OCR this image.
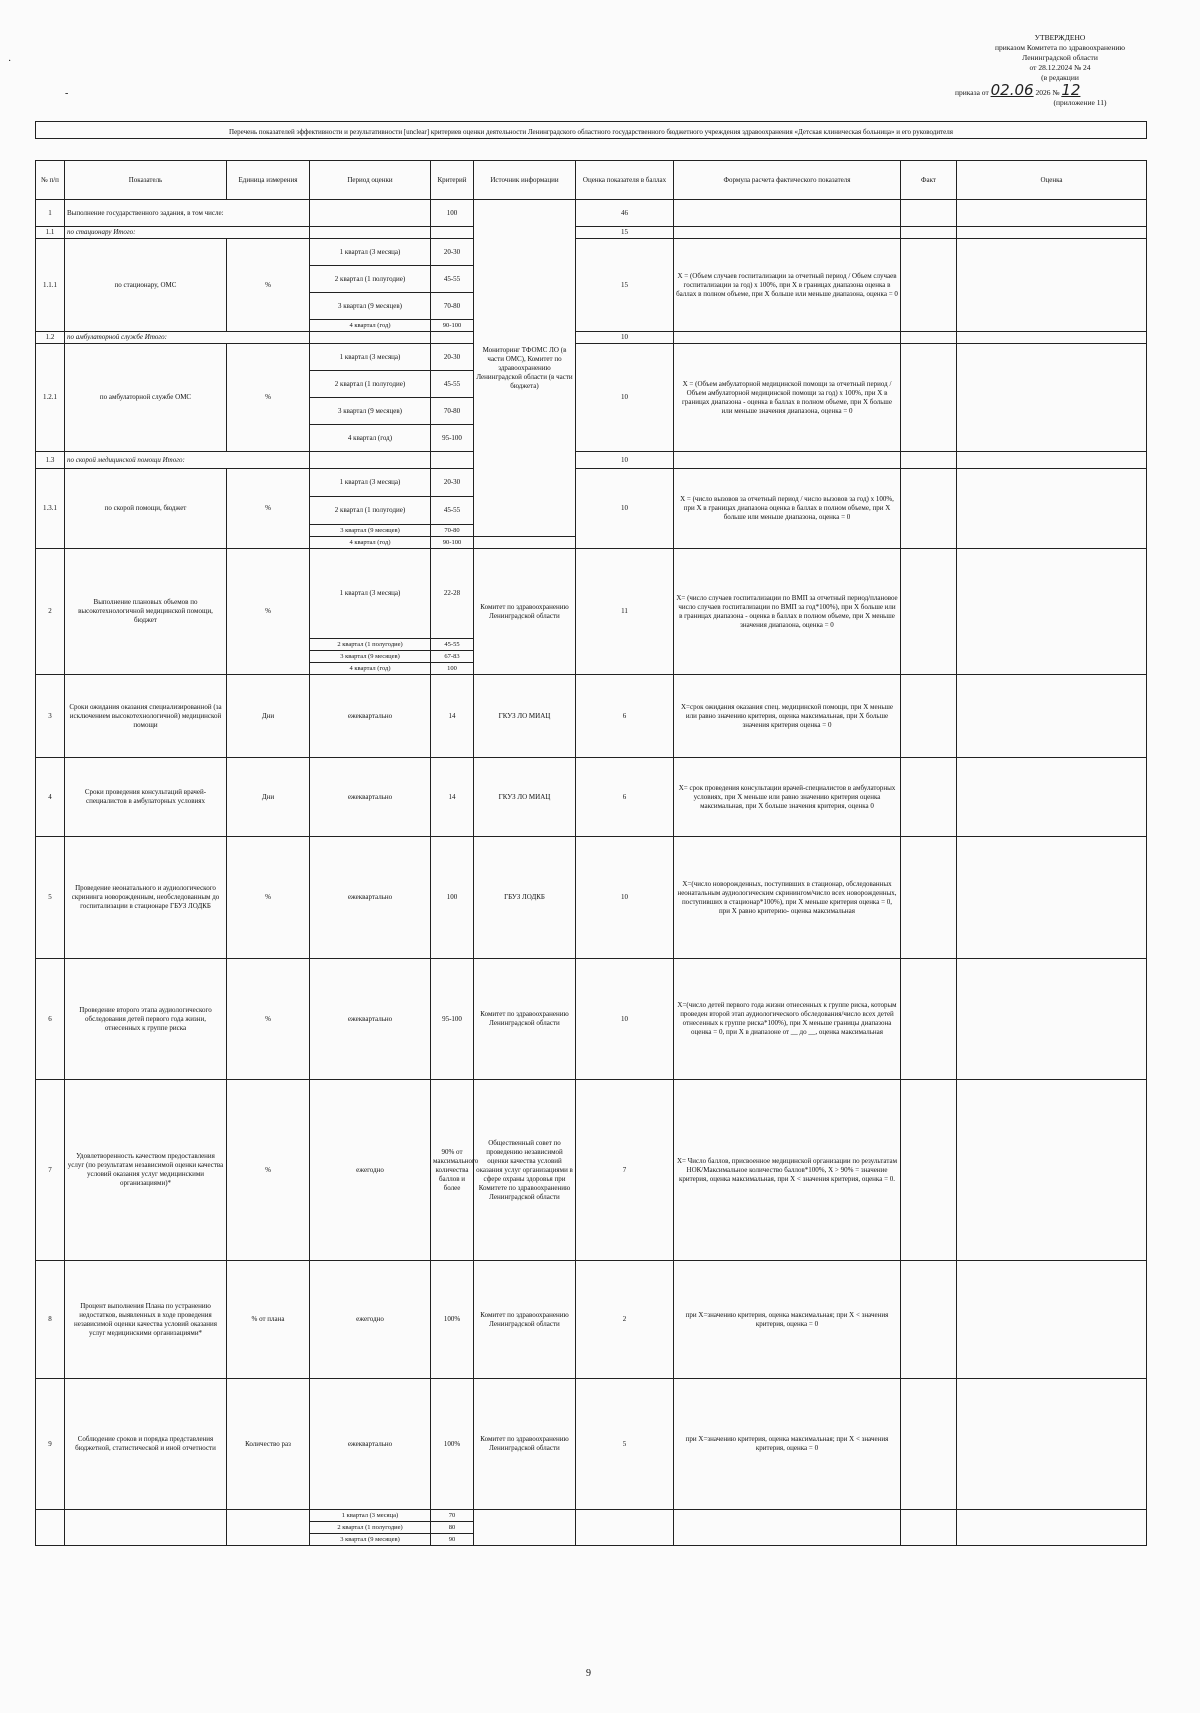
·
-
УТВЕРЖДЕНО
приказом Комитета по здравоохранению
Ленинградской области
от 28.12.2024 № 24
(в редакции
приказа от 02.06 2026 № 12
(приложение 11)
Перечень показателей эффективности и результативности [unclear] критериев оценки деятельности Ленинградского областного государственного бюджетного учреждения здравоохранения «Детская клиническая больница» и его руководителя
№ п/п	Показатель	Единица измерения	Период оценки	Критерий	Источник информации	Оценка показателя в баллах	Формула расчета фактического показателя	Факт	Оценка
1	Выполнение государственного задания, в том числе:			100	Мониторинг ТФОМС ЛО (в части ОМС), Комитет по здравоохранению Ленинградской области (в части бюджета)	46			
1.1	по стационару Итого:					15			
1.1.1	по стационару, ОМС	%	1 квартал (3 месяца)	20-30		15	X = (Объем случаев госпитализации за отчетный период / Объем случаев госпитализации за год) x 100%, при X в границах диапазона оценка в баллах в полном объеме, при X больше или меньше диапазона, оценка = 0		
			2 квартал (1 полугодие)	45-55					
			3 квартал (9 месяцев)	70-80					
			4 квартал (год)	90-100					
1.2	по амбулаторной службе Итого:					10			
1.2.1	по амбулаторной службе ОМС	%	1 квартал (3 месяца)	20-30		10	X = (Объем амбулаторной медицинской помощи за отчетный период / Объем амбулаторной медицинской помощи за год) x 100%, при X в границах диапазона - оценка в баллах в полном объеме, при X больше или меньше значения диапазона, оценка = 0		
			2 квартал (1 полугодие)	45-55					
			3 квартал (9 месяцев)	70-80					
			4 квартал (год)	95-100					
1.3	по скорой медицинской помощи Итого:					10			
1.3.1	по скорой помощи, бюджет	%	1 квартал (3 месяца)	20-30		10	X = (число вызовов за отчетный период / число вызовов за год) x 100%, при X в границах диапазона оценка в баллах в полном объеме, при X больше или меньше диапазона, оценка = 0		
			2 квартал (1 полугодие)	45-55					
			3 квартал (9 месяцев)	70-80					
			4 квартал (год)	90-100					
2	Выполнение плановых объемов по высокотехнологичной медицинской помощи, бюджет	%	1 квартал (3 месяца)	22-28	Комитет по здравоохранению Ленинградской области	11	X= (число случаев госпитализации по ВМП за отчетный период/плановое число случаев госпитализации по ВМП за год*100%), при X больше или в границах диапазона - оценка в баллах в полном объеме, при X меньше значения диапазона, оценка = 0		
			2 квартал (1 полугодие)	45-55					
			3 квартал (9 месяцев)	67-83					
			4 квартал (год)	100					
3	Сроки ожидания оказания специализированной (за исключением высокотехнологичной) медицинской помощи	Дни	ежеквартально	14	ГКУЗ ЛО МИАЦ	6	X=срок ожидания оказания спец. медицинской помощи, при X меньше или равно значению критерия, оценка максимальная, при X больше значения критерия оценка = 0		
4	Сроки проведения консультаций врачей-специалистов в амбулаторных условиях	Дни	ежеквартально	14	ГКУЗ ЛО МИАЦ	6	X= срок проведения консультации врачей-специалистов в амбулаторных условиях, при X меньше или равно значению критерия оценка максимальная, при X больше значения критерия, оценка 0		
5	Проведение неонатального и аудиологического скрининга новорожденным, необследованным до госпитализации в стационаре ГБУЗ ЛОДКБ	%	ежеквартально	100	ГБУЗ ЛОДКБ	10	X=(число новорожденных, поступивших в стационар, обследованных неонатальным аудиологическим скринингом/число всех новорожденных, поступивших в стационар*100%), при X меньше критерия оценка = 0, при X равно критерию- оценка максимальная		
6	Проведение второго этапа аудиологического обследования детей первого года жизни, отнесенных к группе риска	%	ежеквартально	95-100	Комитет по здравоохранению Ленинградской области	10	X=(число детей первого года жизни отнесенных к группе риска, которым проведен второй этап аудиологического обследования/число всех детей отнесенных к группе риска*100%), при X меньше границы диапазона оценка = 0, при X в диапазоне от __ до __, оценка максимальная		
7	Удовлетворенность качеством предоставления услуг (по результатам независимой оценки качества условий оказания услуг медицинскими организациями)*	%	ежегодно	90% от максимального количества баллов и более	Общественный совет по проведению независимой оценки качества условий оказания услуг организациями в сфере охраны здоровья при Комитете по здравоохранению Ленинградской области	7	X= Число баллов, присвоенное медицинской организации по результатам НОК/Максимальное количество баллов*100%, X > 90% = значение критерия, оценка максимальная, при X < значения критерия, оценка = 0.		
8	Процент выполнения Плана по устранению недостатков, выявленных в ходе проведения независимой оценки качества условий оказания услуг медицинскими организациями*	% от плана	ежегодно	100%	Комитет по здравоохранению Ленинградской области	2	при X=значению критерия, оценка максимальная; при X < значения критерия, оценка = 0		
9	Соблюдение сроков и порядка представления бюджетной, статистической и иной отчетности	Количество раз	ежеквартально	100%	Комитет по здравоохранению Ленинградской области	5	при X=значению критерия, оценка максимальная; при X < значения критерия, оценка = 0		
			1 квартал (3 месяца)	70					
			2 квартал (1 полугодие)	80					
			3 квартал (9 месяцев)	90					
9
